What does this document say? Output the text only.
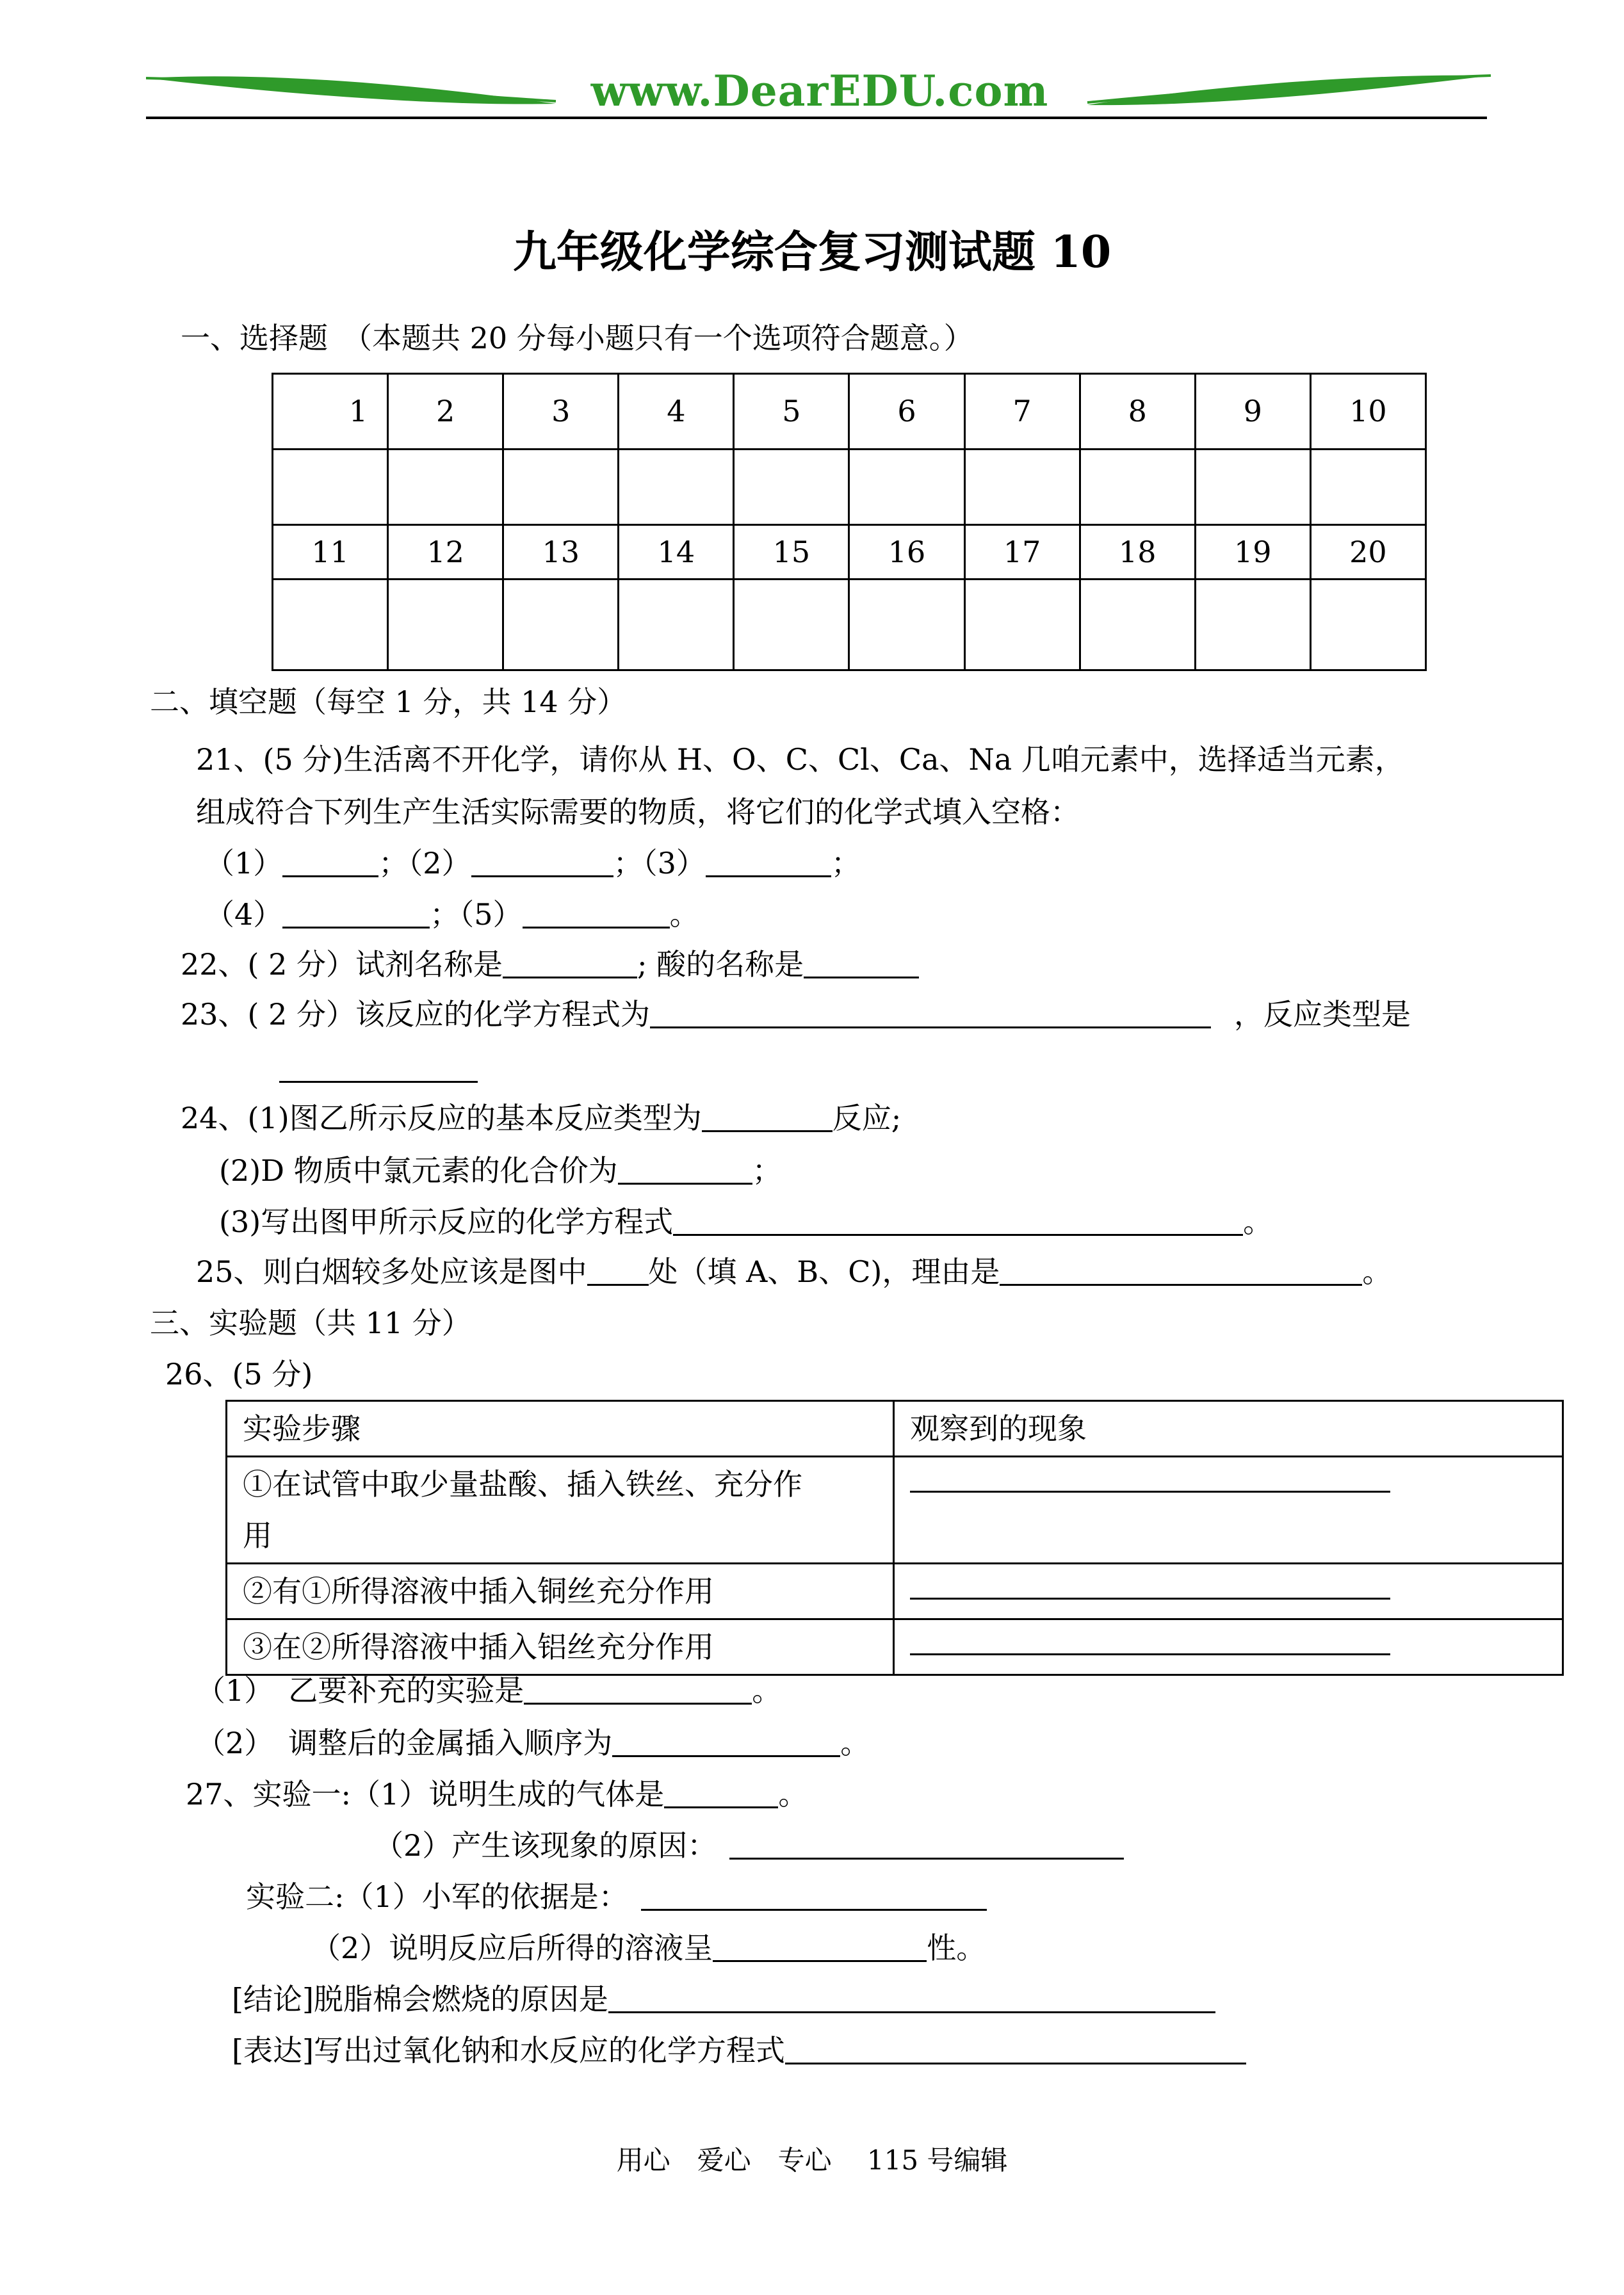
www.DearEDU.com
九年级化学综合复习测试题 10
一、选择题　（本题共 20 分每小题只有一个选项符合题意。）
1	2	3	4	5	6	7	8	9	10

11	12	13	14	15	16	17	18	19	20

二、填空题（每空 1 分，共 14 分）
21、(5 分)生活离不开化学，请你从 H、O、C、Cl、Ca、Na 几咱元素中，选择适当元素，
组成符合下列生产生活实际需要的物质，将它们的化学式填入空格：
（1）	；（2）	；（3）	；
（4）	；（5）	。
22、( 2 分）试剂名称是	; 酸的名称是
23、( 2 分）该反应的化学方程式为	，反应类型是
24、(1)图乙所示反应的基本反应类型为	反应;
(2)D 物质中氯元素的化合价为	；
(3)写出图甲所示反应的化学方程式	。
25、则白烟较多处应该是图中 处（填 A、B、C)，理由是	。
三、实验题（共 11 分）
26、(5 分)
实验步骤	观察到的现象

①在试管中取少量盐酸、插入铁丝、充分作
用	

②有①所得溶液中插入铜丝充分作用	

③在②所得溶液中插入铝丝充分作用	
（1）　乙要补充的实验是	。
（2）　调整后的金属插入顺序为	。
27、实验一:（1）说明生成的气体是	。
（2）产生该现象的原因：
实验二:（1）小军的依据是：
（2）说明反应后所得的溶液呈	性。
[结论]脱脂棉会燃烧的原因是
[表达]写出过氧化钠和水反应的化学方程式
用心　爱心　专心　 115 号编辑
